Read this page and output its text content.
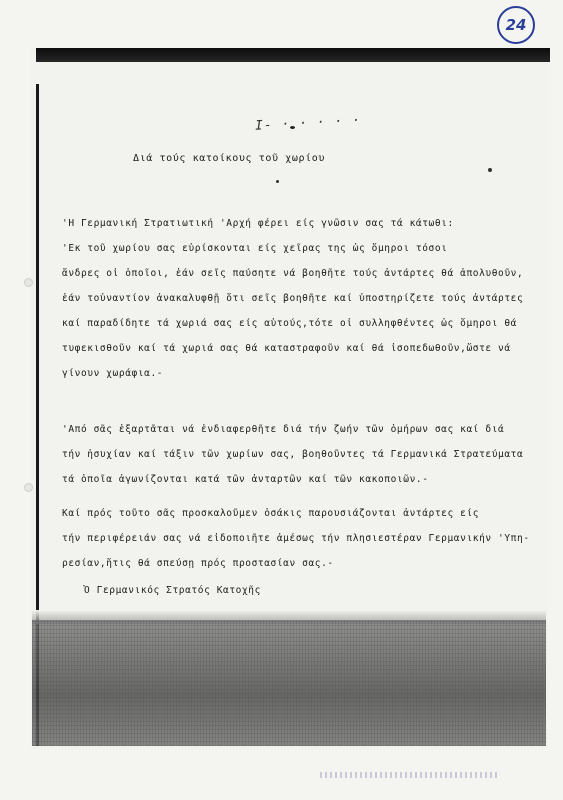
24
I- · · · · ·
Διά τούς κατοίκους τοῦ χωρίου
'Η Γερμανική Στρατιωτική 'Αρχή φέρει είς γνῶσιν σας τά κάτωθι:
'Εκ τοῦ χωρίου σας εὑρίσκονται είς χεῖρας της ὡς ὅμηροι τόσοι
ἄνδρες οἱ ὁποῖοι, ἐάν σεῖς παύσητε νά βοηθῆτε τούς ἀντάρτες θά ἀπολυθοῦν,
ἐάν τοὐναντίον ἀνακαλυφθῇ ὅτι σεῖς βοηθῆτε καί ὑποστηρίζετε τούς ἀντάρτες
καί παραδίδητε τά χωριά σας είς αὐτούς,τότε οἱ συλληφθέντες ὡς ὅμηροι θά
τυφεκισθοῦν καί τά χωριά σας θά καταστραφοῦν καί θά ἰσοπεδωθοῦν,ὥστε νά
γίνουν χωράφια.-
'Από σᾶς ἐξαρτᾶται νά ἐνδιαφερθῆτε διά τήν ζωήν τῶν ὁμήρων σας καί διά
τήν ἡσυχίαν καί τάξιν τῶν χωρίων σας, βοηθοῦντες τά Γερμανικά Στρατεύματα
τά ὁποῖα ἀγωνίζονται κατά τῶν ἀνταρτῶν καί τῶν κακοποιῶν.-
Καί πρός τοῦτο σᾶς προσκαλοῦμεν ὁσάκις παρουσιάζονται ἀντάρτες είς
τήν περιφέρειάν σας νά εἰδοποιῆτε ἀμέσως τήν πλησιεστέραν Γερμανικήν 'Υπη-
ρεσίαν,ἥτις θά σπεύσῃ πρός προστασίαν σας.-
Ὁ Γερμανικός Στρατός Κατοχῆς
